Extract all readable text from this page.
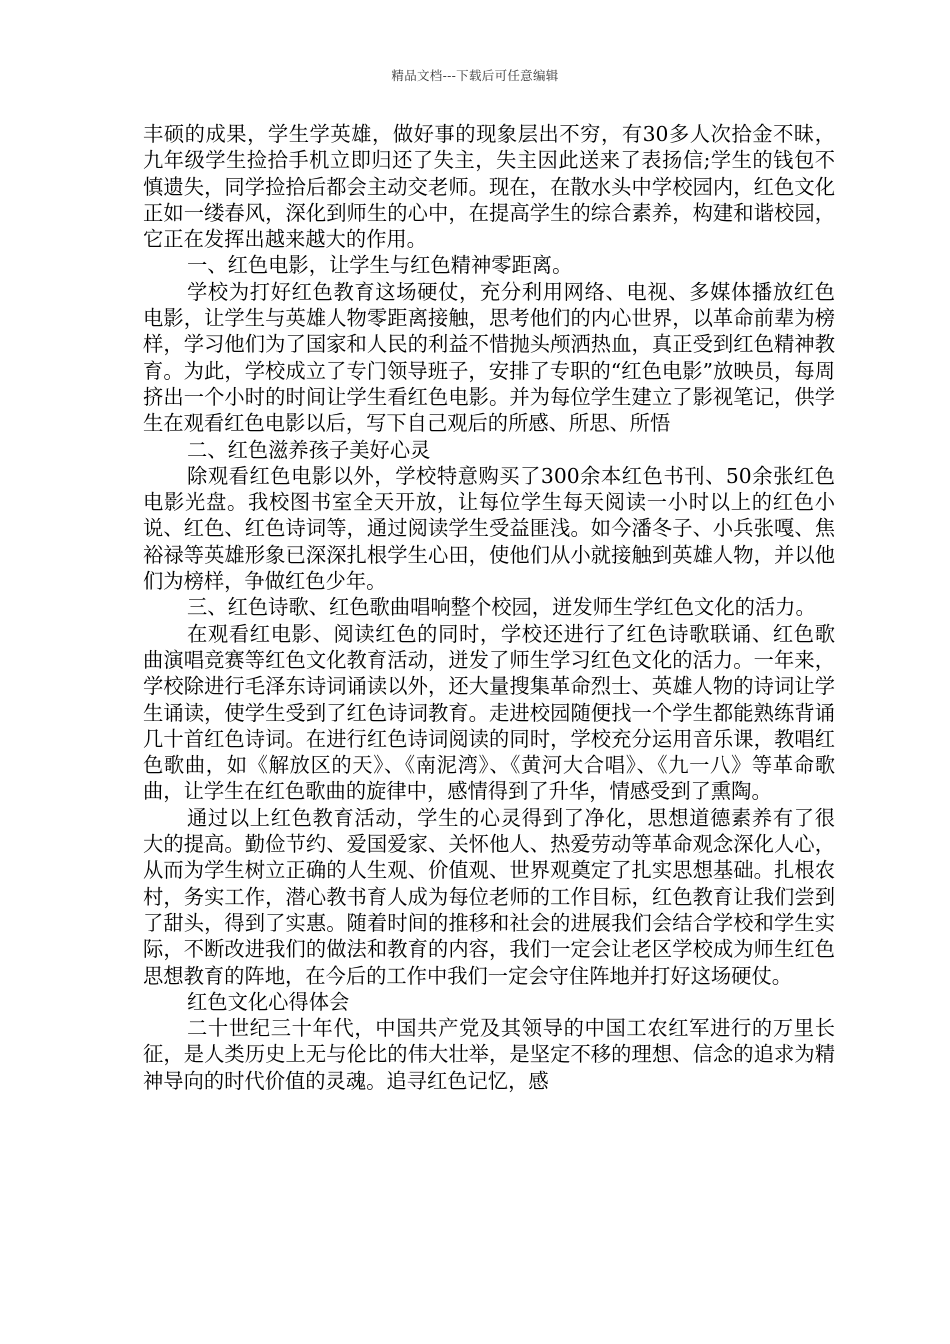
精品文档---下载后可任意编辑

丰硕的成果，学生学英雄，做好事的现象层出不穷，有30多人次拾金不昧，九年级学生捡拾手机立即归还了失主，失主因此送来了表扬信;学生的钱包不慎遗失，同学捡拾后都会主动交老师。现在，在散水头中学校园内，红色文化正如一缕春风，深化到师生的心中，在提高学生的综合素养，构建和谐校园，它正在发挥出越来越大的作用。

一、红色电影，让学生与红色精神零距离。

学校为打好红色教育这场硬仗，充分利用网络、电视、多媒体播放红色电影，让学生与英雄人物零距离接触，思考他们的内心世界，以革命前辈为榜样，学习他们为了国家和人民的利益不惜抛头颅洒热血，真正受到红色精神教育。为此，学校成立了专门领导班子，安排了专职的“红色电影”放映员，每周挤出一个小时的时间让学生看红色电影。并为每位学生建立了影视笔记，供学生在观看红色电影以后，写下自己观后的所感、所思、所悟

二、红色滋养孩子美好心灵

除观看红色电影以外，学校特意购买了300余本红色书刊、50余张红色电影光盘。我校图书室全天开放，让每位学生每天阅读一小时以上的红色小说、红色、红色诗词等，通过阅读学生受益匪浅。如今潘冬子、小兵张嘎、焦裕禄等英雄形象已深深扎根学生心田，使他们从小就接触到英雄人物，并以他们为榜样，争做红色少年。

三、红色诗歌、红色歌曲唱响整个校园，迸发师生学红色文化的活力。

在观看红电影、阅读红色的同时，学校还进行了红色诗歌联诵、红色歌曲演唱竞赛等红色文化教育活动，迸发了师生学习红色文化的活力。一年来，学校除进行毛泽东诗词诵读以外，还大量搜集革命烈士、英雄人物的诗词让学生诵读，使学生受到了红色诗词教育。走进校园随便找一个学生都能熟练背诵几十首红色诗词。在进行红色诗词阅读的同时，学校充分运用音乐课，教唱红色歌曲，如《解放区的天》、《南泥湾》、《黄河大合唱》、《九一八》等革命歌曲，让学生在红色歌曲的旋律中，感情得到了升华，情感受到了熏陶。

通过以上红色教育活动，学生的心灵得到了净化，思想道德素养有了很大的提高。勤俭节约、爱国爱家、关怀他人、热爱劳动等革命观念深化人心，从而为学生树立正确的人生观、价值观、世界观奠定了扎实思想基础。扎根农村，务实工作，潜心教书育人成为每位老师的工作目标，红色教育让我们尝到了甜头，得到了实惠。随着时间的推移和社会的进展我们会结合学校和学生实际，不断改进我们的做法和教育的内容，我们一定会让老区学校成为师生红色思想教育的阵地，在今后的工作中我们一定会守住阵地并打好这场硬仗。

红色文化心得体会

二十世纪三十年代，中国共产党及其领导的中国工农红军进行的万里长征，是人类历史上无与伦比的伟大壮举，是坚定不移的理想、信念的追求为精神导向的时代价值的灵魂。追寻红色记忆，感
